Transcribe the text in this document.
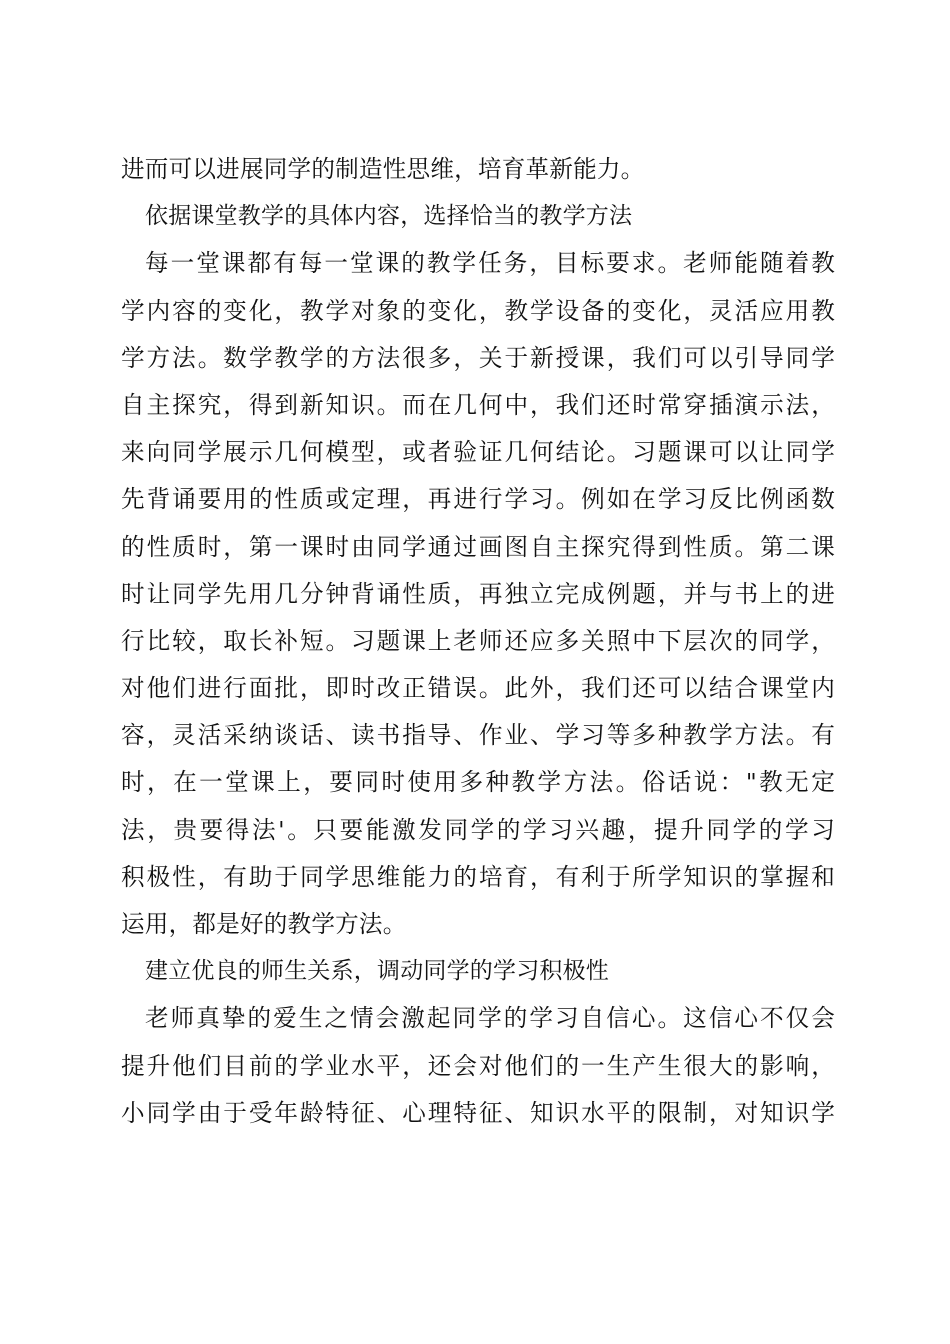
进而可以进展同学的制造性思维，培育革新能力。
依据课堂教学的具体内容，选择恰当的教学方法
每一堂课都有每一堂课的教学任务，目标要求。老师能随着教
学内容的变化，教学对象的变化，教学设备的变化，灵活应用教
学方法。数学教学的方法很多，关于新授课，我们可以引导同学
自主探究，得到新知识。而在几何中，我们还时常穿插演示法，
来向同学展示几何模型，或者验证几何结论。习题课可以让同学
先背诵要用的性质或定理，再进行学习。例如在学习反比例函数
的性质时，第一课时由同学通过画图自主探究得到性质。第二课
时让同学先用几分钟背诵性质，再独立完成例题，并与书上的进
行比较，取长补短。习题课上老师还应多关照中下层次的同学，
对他们进行面批，即时改正错误。此外，我们还可以结合课堂内
容，灵活采纳谈话、读书指导、作业、学习等多种教学方法。有
时，在一堂课上，要同时使用多种教学方法。俗话说："教无定
法，贵要得法'。只要能激发同学的学习兴趣，提升同学的学习
积极性，有助于同学思维能力的培育，有利于所学知识的掌握和
运用，都是好的教学方法。
建立优良的师生关系，调动同学的学习积极性
老师真挚的爱生之情会激起同学的学习自信心。这信心不仅会
提升他们目前的学业水平，还会对他们的一生产生很大的影响，
小同学由于受年龄特征、心理特征、知识水平的限制，对知识学
